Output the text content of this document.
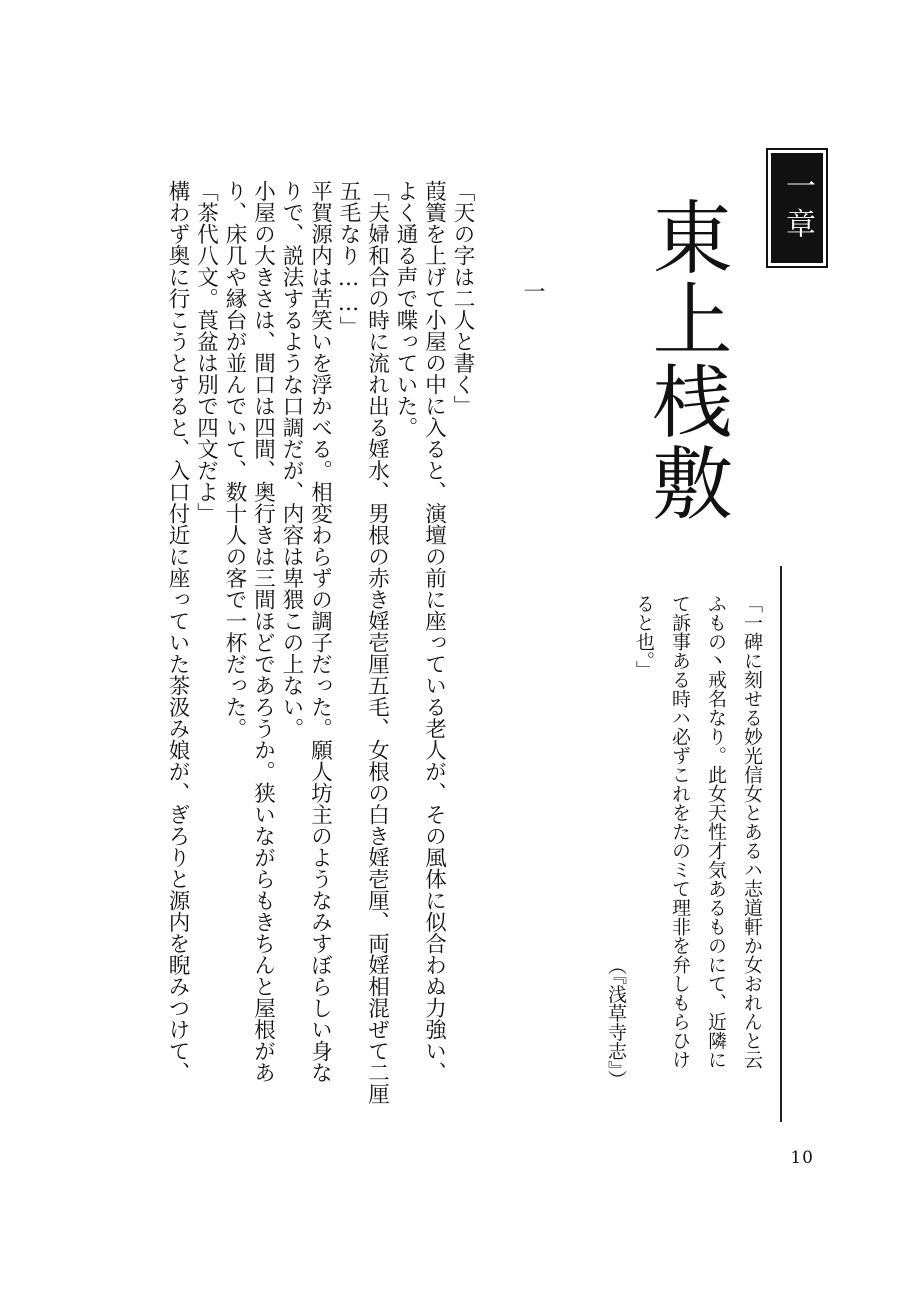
一章
東上桟敷

「一碑に刻せる妙光信女とあるハ志道軒か女おれんと云

ふもの丶戒名なり。此女天性才気あるものにて、近隣に

て訴事ある時ハ必ずこれをたのミて理非を弁しもらひけ

ると也。」

（『浅草寺志』）
一

「天の字は二人と書く」

葭簀を上げて小屋の中に入ると、演壇の前に座っている老人が、その風体に似合わぬ力強い、

よく通る声で喋っていた。

「夫婦和合の時に流れ出る婬水、男根の赤き婬壱厘五毛、女根の白き婬壱厘、両婬相混ぜて二厘

五毛なり……」

平賀源内は苦笑いを浮かべる。相変わらずの調子だった。願人坊主のようなみすぼらしい身な

りで、説法するような口調だが、内容は卑猥この上ない。

小屋の大きさは、間口は四間、奥行きは三間ほどであろうか。狭いながらもきちんと屋根があ

り、床几や縁台が並んでいて、数十人の客で一杯だった。

「茶代八文。莨盆は別で四文だよ」

構わず奥に行こうとすると、入口付近に座っていた茶汲み娘が、ぎろりと源内を睨みつけて、

10
